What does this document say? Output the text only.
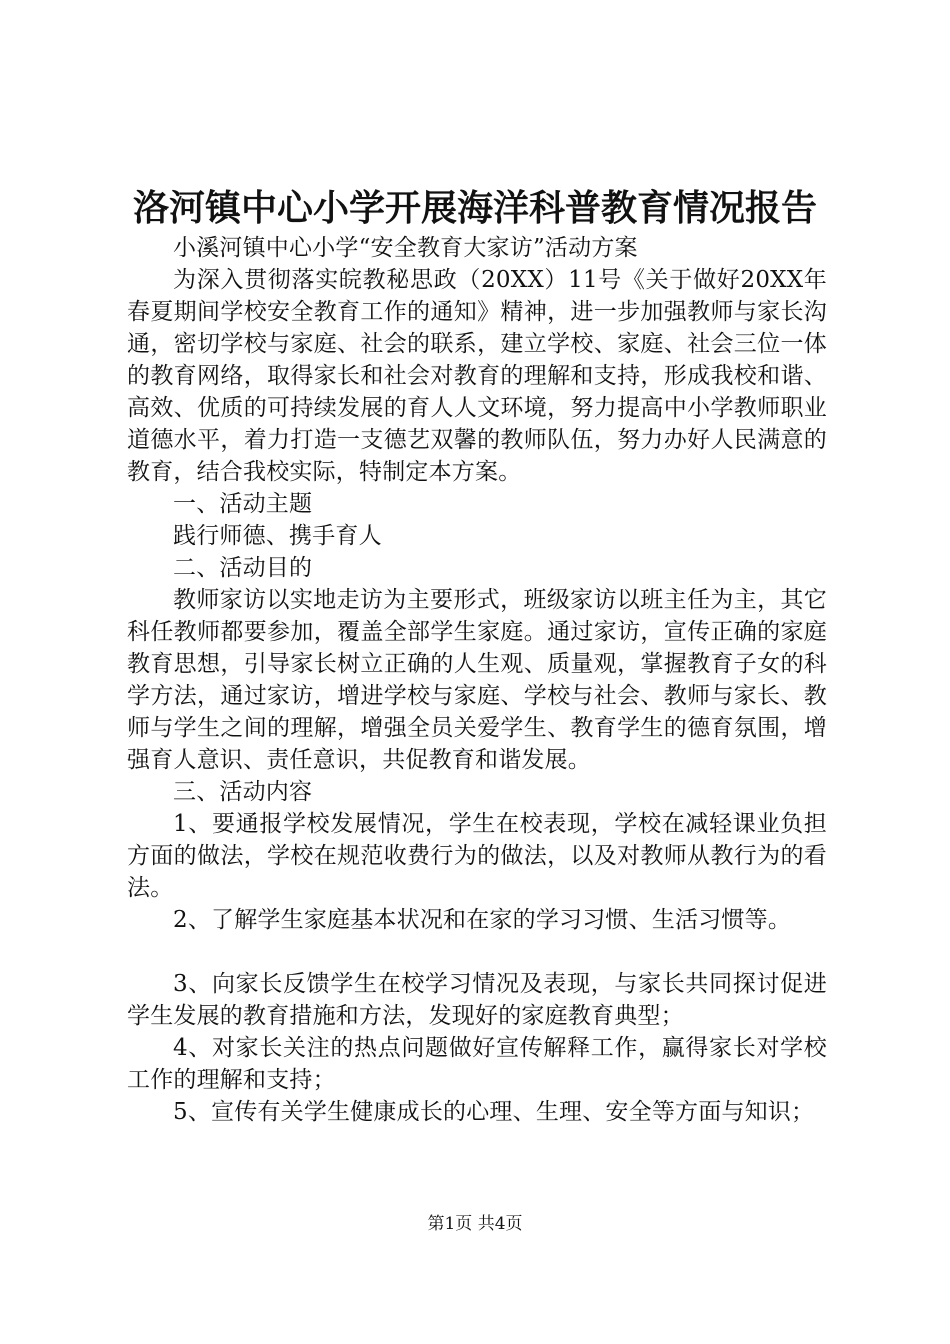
洛河镇中心小学开展海洋科普教育情况报告

小溪河镇中心小学“安全教育大家访”活动方案

为深入贯彻落实皖教秘思政（20XX）11号《关于做好20XX年春夏期间学校安全教育工作的通知》精神，进一步加强教师与家长沟通，密切学校与家庭、社会的联系，建立学校、家庭、社会三位一体的教育网络，取得家长和社会对教育的理解和支持，形成我校和谐、高效、优质的可持续发展的育人人文环境，努力提高中小学教师职业道德水平，着力打造一支德艺双馨的教师队伍，努力办好人民满意的教育，结合我校实际，特制定本方案。

一、活动主题

践行师德、携手育人

二、活动目的

教师家访以实地走访为主要形式，班级家访以班主任为主，其它科任教师都要参加，覆盖全部学生家庭。通过家访，宣传正确的家庭教育思想，引导家长树立正确的人生观、质量观，掌握教育子女的科学方法，通过家访，增进学校与家庭、学校与社会、教师与家长、教师与学生之间的理解，增强全员关爱学生、教育学生的德育氛围，增强育人意识、责任意识，共促教育和谐发展。

三、活动内容

1、要通报学校发展情况，学生在校表现，学校在减轻课业负担方面的做法，学校在规范收费行为的做法，以及对教师从教行为的看法。

2、了解学生家庭基本状况和在家的学习习惯、生活习惯等。

3、向家长反馈学生在校学习情况及表现，与家长共同探讨促进学生发展的教育措施和方法，发现好的家庭教育典型；

4、对家长关注的热点问题做好宣传解释工作，赢得家长对学校工作的理解和支持；

5、宣传有关学生健康成长的心理、生理、安全等方面与知识；

第1页 共4页
